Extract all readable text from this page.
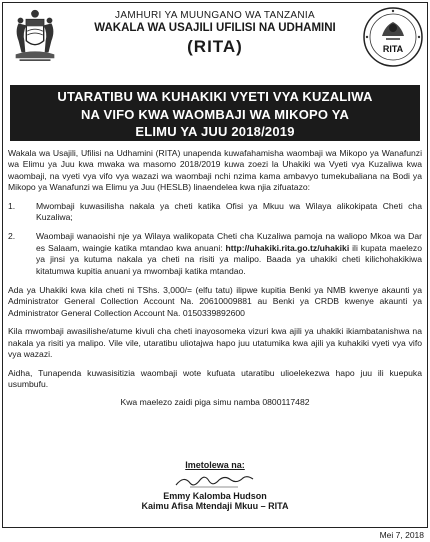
RITA
JAMHURI YA MUUNGANO WA TANZANIA
WAKALA WA USAJILI UFILISI NA UDHAMINI
(RITA)
UTARATIBU WA KUHAKIKI VYETI VYA KUZALIWA
NA VIFO KWA WAOMBAJI WA MIKOPO YA
ELIMU YA JUU 2018/2019

Wakala wa Usajili, Ufilisi na Udhamini (RITA) unapenda kuwafahamisha waombaji wa Mikopo ya Wanafunzi wa Elimu ya Juu kwa mwaka wa masomo 2018/2019 kuwa zoezi la Uhakiki wa Vyeti vya Kuzaliwa kwa waombaji, na vyeti vya vifo vya wazazi wa waombaji nchi nzima kama ambavyo tumekubaliana na Bodi ya Mikopo ya Wanafunzi wa Elimu ya Juu (HESLB) linaendelea kwa njia zifuatazo:

1.	Mwombaji kuwasilisha nakala ya cheti katika Ofisi ya Mkuu wa Wilaya alikokipata Cheti cha Kuzaliwa;
2.	Waombaji wanaoishi nje ya Wilaya walikopata Cheti cha Kuzaliwa pamoja na waliopo Mkoa wa Dar es Salaam, waingie katika mtandao kwa anuani: http://uhakiki.rita.go.tz/uhakiki ili kupata maelezo ya jinsi ya kutuma nakala ya cheti na risiti ya malipo. Baada ya uhakiki cheti kilichohakikiwa kitatumwa kupitia anuani ya mwombaji katika mtandao.

Ada ya Uhakiki kwa kila cheti ni TShs. 3,000/= (elfu tatu) ilipwe kupitia Benki ya NMB kwenye akaunti ya Administrator General Collection Account Na. 20610009881 au Benki ya CRDB kwenye akaunti ya Administrator General Collection Account Na. 0150339892600

Kila mwombaji awasilishe/atume kivuli cha cheti inayosomeka vizuri kwa ajili ya uhakiki ikiambatanishwa na nakala ya risiti ya malipo. Vile vile, utaratibu uliotajwa hapo juu utatumika kwa ajili ya kuhakiki vyeti vya vifo vya wazazi.

Aidha, Tunapenda kuwasisitizia waombaji wote kufuata utaratibu ulioelekezwa hapo juu ili kuepuka usumbufu.

Kwa maelezo zaidi piga simu namba 0800117482

Imetolewa na:
Emmy Kalomba Hudson
Kaimu Afisa Mtendaji Mkuu – RITA
Mei 7, 2018
